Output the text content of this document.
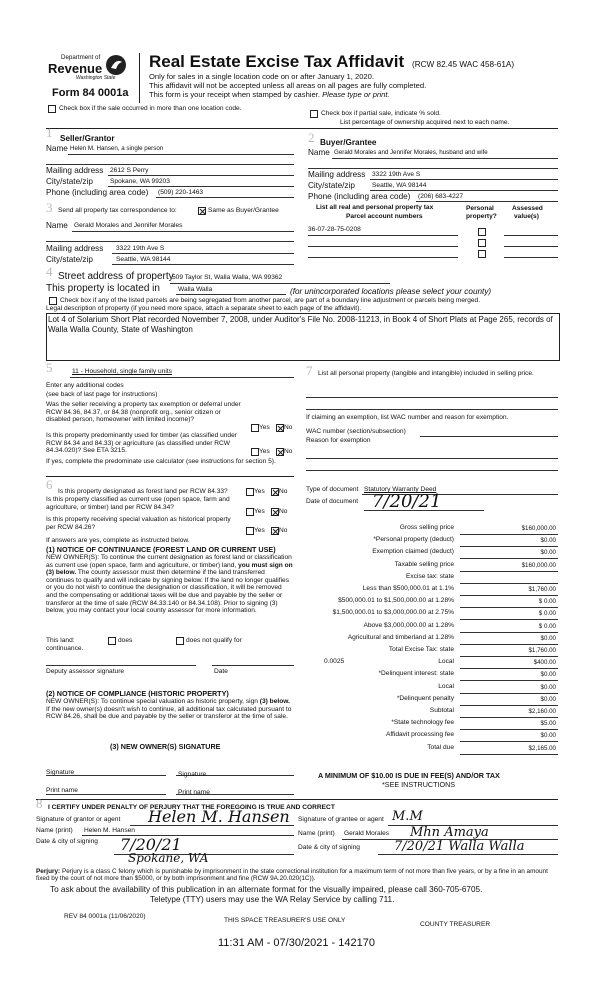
Department of
Revenue
Washington State
Form 84 0001a
Real Estate Excise Tax Affidavit (RCW 82.45 WAC 458-61A)
Only for sales in a single location code on or after January 1, 2020.
This affidavit will not be accepted unless all areas on all pages are fully completed.
This form is your receipt when stamped by cashier. Please type or print.
Check box if the sale occurred in more than one location code.
Check box if partial sale, indicate % sold.
List percentage of ownership acquired next to each name.
1 Seller/Grantor
Name Helen M. Hansen, a single person
Mailing address 2612 S Perry
City/state/zip	Spokane, WA 99203
Phone (including area code) (509) 220-1463
2 Buyer/Grantee
Name Gerald Morales and Jennifer Morales, husband and wife
Mailing address 3322 19th Ave S
City/state/zip	Seattle, WA 98144
Phone (including area code) (206) 683-4227
3 Send all property tax correspondence to:	Same as Buyer/Grantee
Name Gerald Morales and Jennifer Morales
Mailing address 3322 19th Ave S
City/state/zip	Seattle, WA 98144
List all real and personal property tax
Parcel account numbers
Personal
property?
Assessed
value(s)
36-07-28-75-0208
4 Street address of property
509 Taylor St, Walla Walla, WA 99362
This property is located in	Walla Walla	(for unincorporated locations please select your county)
Check box if any of the listed parcels are being segregated from another parcel, are part of a boundary line adjustment or parcels being merged.
Legal description of property (if you need more space, attach a separate sheet to each page of the affidavit).
Lot 4 of Solarium Short Plat recorded November 7, 2008, under Auditor's File No. 2008-11213, in Book 4 of Short Plats at Page 265, records of Walla Walla County, State of Washington
5	11 - Household, single family units
Enter any additional codes
(see back of last page for instructions)
Was the seller receiving a property tax exemption or deferral under RCW 84.36, 84.37, or 84.38 (nonprofit org., senior citizen or disabled person, homeowner with limited income)?
Yes No
Is this property predominantly used for timber (as classified under RCW 84.34 and 84.33) or agriculture (as classified under RCW 84.34.020)? See ETA 3215.	Yes No
If yes, complete the predominate use calculator (see instructions for section 5).
6 Is this property designated as forest land per RCW 84.33?	Yes No
Is this property classified as current use (open space, farm and agriculture, or timber) land per RCW 84.34?
Yes No
Is this property receiving special valuation as historical property per RCW 84.26?	Yes No
If answers are yes, complete as instructed below.
(1) NOTICE OF CONTINUANCE (FOREST LAND OR CURRENT USE)
NEW OWNER(S): To continue the current designation as forest land or classification as current use (open space, farm and agriculture, or timber) land, you must sign on (3) below. The county assessor must then determine if the land transferred continues to qualify and will indicate by signing below. If the land no longer qualifies or you do not wish to continue the designation or classification, it will be removed and the compensating or additional taxes will be due and payable by the seller or transferor at the time of sale (RCW 84.33.140 or 84.34.108). Prior to signing (3) below, you may contact your local county assessor for more information.
This land:	does	does not qualify for
continuance.
Deputy assessor signature	Date
(2) NOTICE OF COMPLIANCE (HISTORIC PROPERTY)
NEW OWNER(S): To continue special valuation as historic property, sign (3) below. If the new owner(s) doesn't wish to continue, all additional tax calculated pursuant to RCW 84.26, shall be due and payable by the seller or transferor at the time of sale.
(3) NEW OWNER(S) SIGNATURE
Signature	Signature
Print name	Print name
7 List all personal property (tangible and intangible) included in selling price.
If claiming an exemption, list WAC number and reason for exemption.
WAC number (section/subsection)
Reason for exemption
Type of document Statutory Warranty Deed
Date of document 7/20/21
Gross selling price	$160,000.00
*Personal property (deduct)	$0.00
Exemption claimed (deduct)	$0.00
Taxable selling price	$160,000.00
Excise tax: state
Less than $500,000.01 at 1.1%	$1,760.00
$500,000.01 to $1,500,000.00 at 1.28%	$ 0.00
$1,500,000.01 to $3,000,000.00 at 2.75%	$ 0.00
Above $3,000,000.00 at 1.28%	$ 0.00
Agricultural and timberland at 1.28%	$0.00
Total Excise Tax: state	$1,760.00
Local
0.0025	$400.00
*Delinquent interest: state	$0.00
Local	$0.00
*Delinquent penalty	$0.00
Subtotal	$2,160.00
*State technology fee	$5.00
Affidavit processing fee	$0.00
Total due	$2,165.00
A MINIMUM OF $10.00 IS DUE IN FEE(S) AND/OR TAX
*SEE INSTRUCTIONS
8 I CERTIFY UNDER PENALTY OF PERJURY THAT THE FOREGOING IS TRUE AND CORRECT
Signature of grantor or agent Helen M. Hansen
Name (print) Helen M. Hansen
Date & city of signing 7/20/21
Spokane, WA
Signature of grantee or agent M.M
Name (print) Gerald Morales Mhn Amaya
Date & city of signing	7/20/21 Walla Walla
Perjury: Perjury is a class C felony which is punishable by imprisonment in the state correctional institution for a maximum term of not more than five years, or by a fine in an amount fixed by the court of not more than $5000, or by both imprisonment and fine (RCW 9A.20.020(1C)).
To ask about the availability of this publication in an alternate format for the visually impaired, please call 360-705-6705.
Teletype (TTY) users may use the WA Relay Service by calling 711.
REV 84 0001a (11/06/2020)
THIS SPACE TREASURER'S USE ONLY
COUNTY TREASURER
11:31 AM - 07/30/2021 - 142170
